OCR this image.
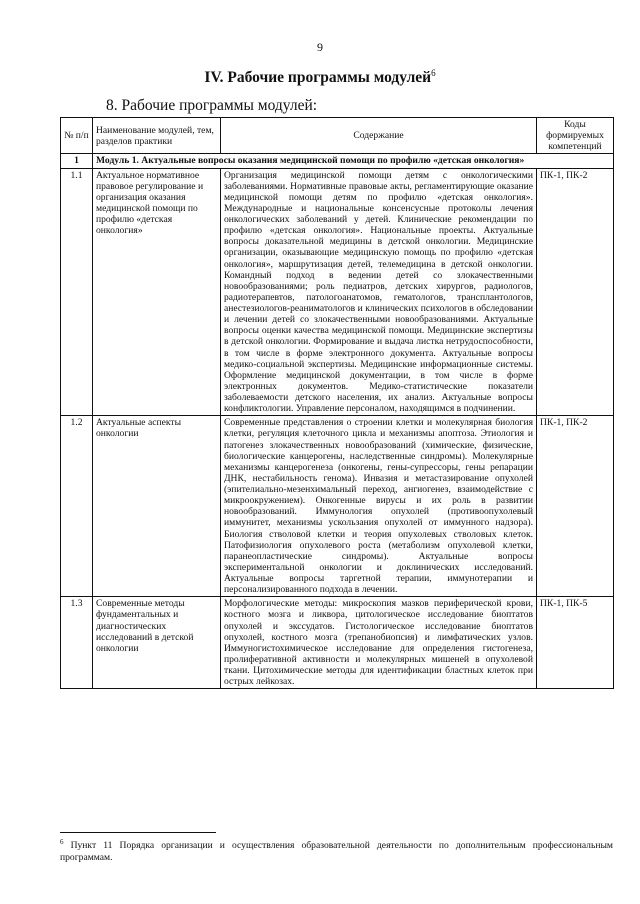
9
IV. Рабочие программы модулей$^6$
8. Рабочие программы модулей:
№ п/п	Наименование модулей, тем, разделов практики	Содержание	Коды формируемых компетенций
1	Модуль 1. Актуальные вопросы оказания медицинской помощи по профилю «детская онкология»		
1.1	Актуальное нормативное правовое регулирование и организация оказания медицинской помощи по профилю «детская онкология»	Организация медицинской помощи детям с онкологическими заболеваниями. Нормативные правовые акты, регламентирующие оказание медицинской помощи детям по профилю «детская онкология». Международные и национальные консенсусные протоколы лечения онкологических заболеваний у детей. Клинические рекомендации по профилю «детская онкология». Национальные проекты. Актуальные вопросы доказательной медицины в детской онкологии. Медицинские организации, оказывающие медицинскую помощь по профилю «детская онкология», маршрутизация детей, телемедицина в детской онкологии. Командный подход в ведении детей со злокачественными новообразованиями; роль педиатров, детских хирургов, радиологов, радиотерапевтов, патологоанатомов, гематологов, трансплантологов, анестезиологов-реаниматологов и клинических психологов в обследовании и лечении детей со злокачественными новообразованиями. Актуальные вопросы оценки качества медицинской помощи. Медицинские экспертизы в детской онкологии. Формирование и выдача листка нетрудоспособности, в том числе в форме электронного документа. Актуальные вопросы медико-социальной экспертизы. Медицинские информационные системы. Оформление медицинской документации, в том числе в форме электронных документов. Медико-статистические показатели заболеваемости детского населения, их анализ. Актуальные вопросы конфликтологии. Управление персоналом, находящимся в подчинении.	ПК-1, ПК-2
1.2	Актуальные аспекты онкологии	Современные представления о строении клетки и молекулярная биология клетки, регуляция клеточного цикла и механизмы апоптоза. Этиология и патогенез злокачественных новообразований (химические, физические, биологические канцерогены, наследственные синдромы). Молекулярные механизмы канцерогенеза (онкогены, гены-супрессоры, гены репарации ДНК, нестабильность генома). Инвазия и метастазирование опухолей (эпителиально-мезенхимальный переход, ангиогенез, взаимодействие с микроокружением). Онкогенные вирусы и их роль в развитии новообразований. Иммунология опухолей (противоопухолевый иммунитет, механизмы ускользания опухолей от иммунного надзора). Биология стволовой клетки и теория опухолевых стволовых клеток. Патофизиология опухолевого роста (метаболизм опухолевой клетки, паранеопластические синдромы). Актуальные вопросы экспериментальной онкологии и доклинических исследований. Актуальные вопросы таргетной терапии, иммунотерапии и персонализированного подхода в лечении.	ПК-1, ПК-2
1.3	Современные методы фундаментальных и диагностических исследований в детской онкологии	Морфологические методы: микроскопия мазков периферической крови, костного мозга и ликвора, цитологическое исследование биоптатов опухолей и экссудатов. Гистологическое исследование биоптатов опухолей, костного мозга (трепанобиопсия) и лимфатических узлов. Иммуногистохимическое исследование для определения гистогенеза, пролиферативной активности и молекулярных мишеней в опухолевой ткани. Цитохимические методы для идентификации бластных клеток при острых лейкозах.	ПК-1, ПК-5
$^6$ Пункт 11 Порядка организации и осуществления образовательной деятельности по дополнительным профессиональным программам.
